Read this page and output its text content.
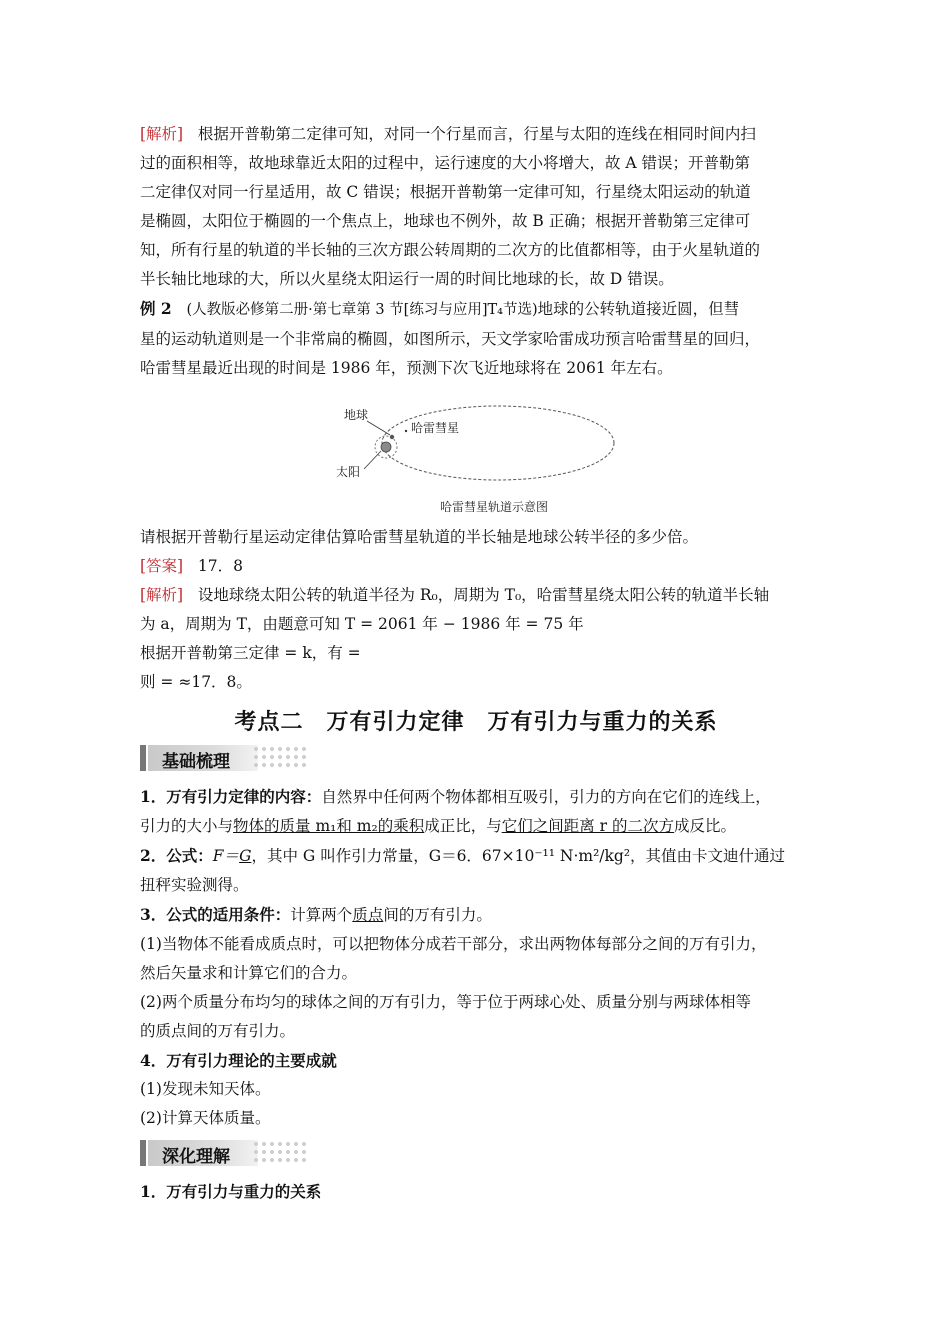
[解析] 根据开普勒第二定律可知，对同一个行星而言，行星与太阳的连线在相同时间内扫

过的面积相等，故地球靠近太阳的过程中，运行速度的大小将增大，故 A 错误；开普勒第

二定律仅对同一行星适用，故 C 错误；根据开普勒第一定律可知，行星绕太阳运动的轨道

是椭圆，太阳位于椭圆的一个焦点上，地球也不例外，故 B 正确；根据开普勒第三定律可

知，所有行星的轨道的半长轴的三次方跟公转周期的二次方的比值都相等，由于火星轨道的

半长轴比地球的大，所以火星绕太阳运行一周的时间比地球的长，故 D 错误。

例 2 (人教版必修第二册·第七章第 3 节[练习与应用]T₄节选)地球的公转轨道接近圆，但彗

星的运动轨道则是一个非常扁的椭圆，如图所示，天文学家哈雷成功预言哈雷彗星的回归，

哈雷彗星最近出现的时间是 1986 年，预测下次飞近地球将在 2061 年左右。

地球
哈雷彗星
太阳
哈雷彗星轨道示意图

请根据开普勒行星运动定律估算哈雷彗星轨道的半长轴是地球公转半径的多少倍。

[答案] 17．8

[解析] 设地球绕太阳公转的轨道半径为 R₀，周期为 T₀，哈雷彗星绕太阳公转的轨道半长轴

为 a，周期为 T，由题意可知 T = 2061 年 − 1986 年 = 75 年

根据开普勒第三定律 = k，有 =

则 = ≈17．8。

考点二　万有引力定律　万有引力与重力的关系
基础梳理

1．万有引力定律的内容：自然界中任何两个物体都相互吸引，引力的方向在它们的连线上，

引力的大小与物体的质量 m₁和 m₂的乘积成正比，与它们之间距离 r 的二次方成反比。

2．公式：F＝G，其中 G 叫作引力常量，G＝6．67×10⁻¹¹ N·m²/kg²，其值由卡文迪什通过

扭秤实验测得。

3．公式的适用条件：计算两个质点间的万有引力。

(1)当物体不能看成质点时，可以把物体分成若干部分，求出两物体每部分之间的万有引力，

然后矢量求和计算它们的合力。

(2)两个质量分布均匀的球体之间的万有引力，等于位于两球心处、质量分别与两球体相等

的质点间的万有引力。

4．万有引力理论的主要成就

(1)发现未知天体。

(2)计算天体质量。

深化理解

1．万有引力与重力的关系
